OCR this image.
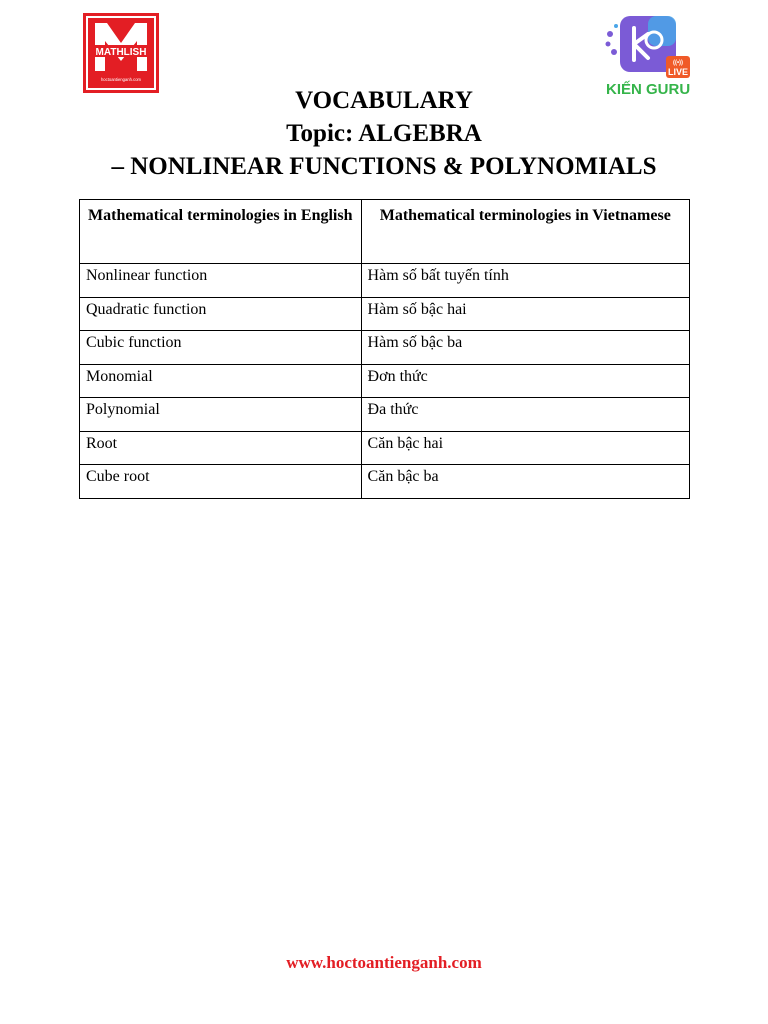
MATHLISH
hoctoantienganh.com
((•))
LIVE
KIẾN GURU
VOCABULARY
Topic: ALGEBRA
– NONLINEAR FUNCTIONS & POLYNOMIALS
Mathematical terminologies in English	Mathematical terminologies in Vietnamese
Nonlinear function	Hàm số bất tuyến tính
Quadratic function	Hàm số bậc hai
Cubic function	Hàm số bậc ba
Monomial	Đơn thức
Polynomial	Đa thức
Root	Căn bậc hai
Cube root	Căn bậc ba
www.hoctoantienganh.com
